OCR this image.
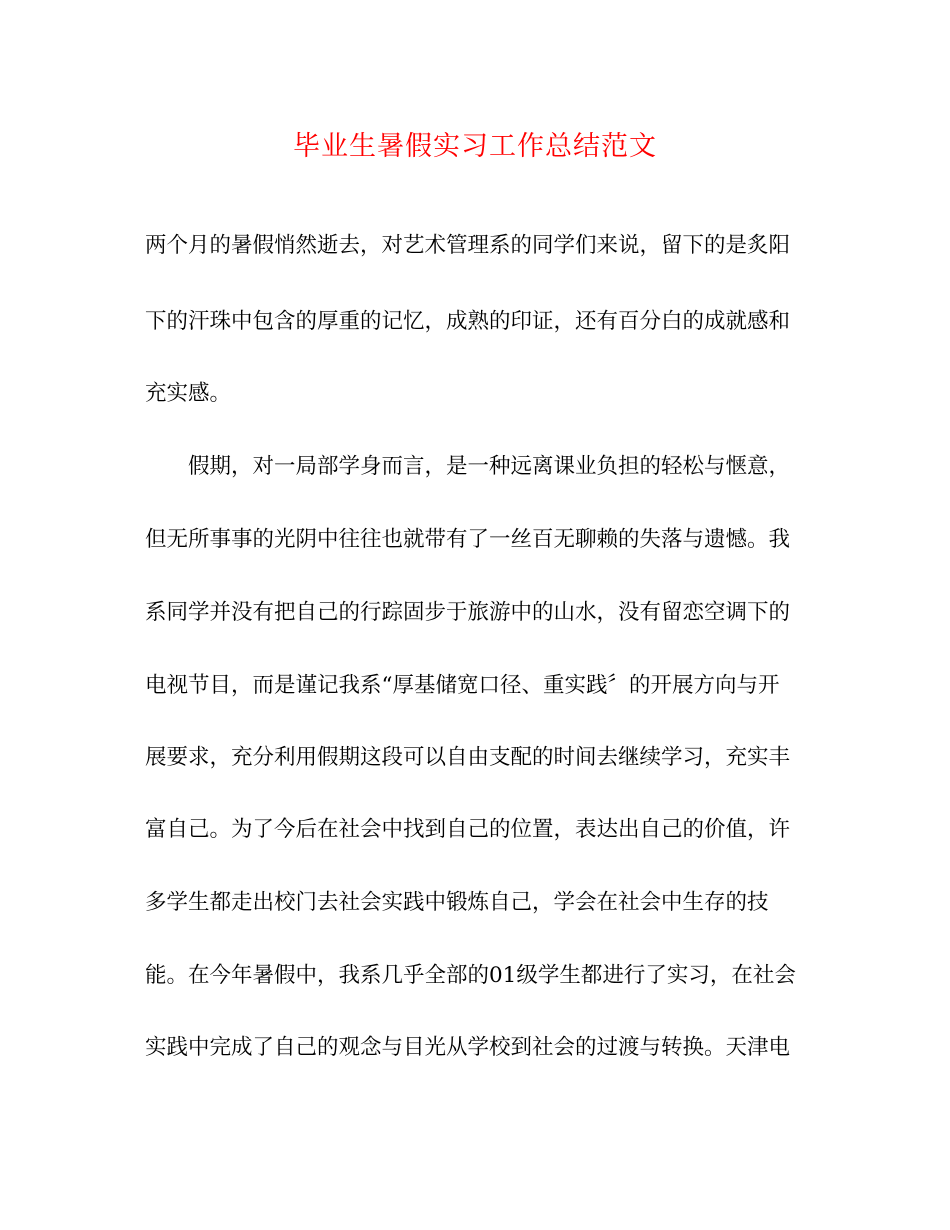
毕业生暑假实习工作总结范文
两个月的暑假悄然逝去，对艺术管理系的同学们来说，留下的是炙阳
下的汗珠中包含的厚重的记忆，成熟的印证，还有百分白的成就感和
充实感。
假期，对一局部学身而言，是一种远离课业负担的轻松与惬意，
但无所事事的光阴中往往也就带有了一丝百无聊赖的失落与遗憾。我
系同学并没有把自己的行踪固步于旅游中的山水，没有留恋空调下的
电视节目，而是谨记我系“厚基储宽口径、重实践〞的开展方向与开
展要求，充分利用假期这段可以自由支配的时间去继续学习，充实丰
富自己。为了今后在社会中找到自己的位置，表达出自己的价值，许
多学生都走出校门去社会实践中锻炼自己，学会在社会中生存的技
能。在今年暑假中，我系几乎全部的01级学生都进行了实习，在社会
实践中完成了自己的观念与目光从学校到社会的过渡与转换。天津电
